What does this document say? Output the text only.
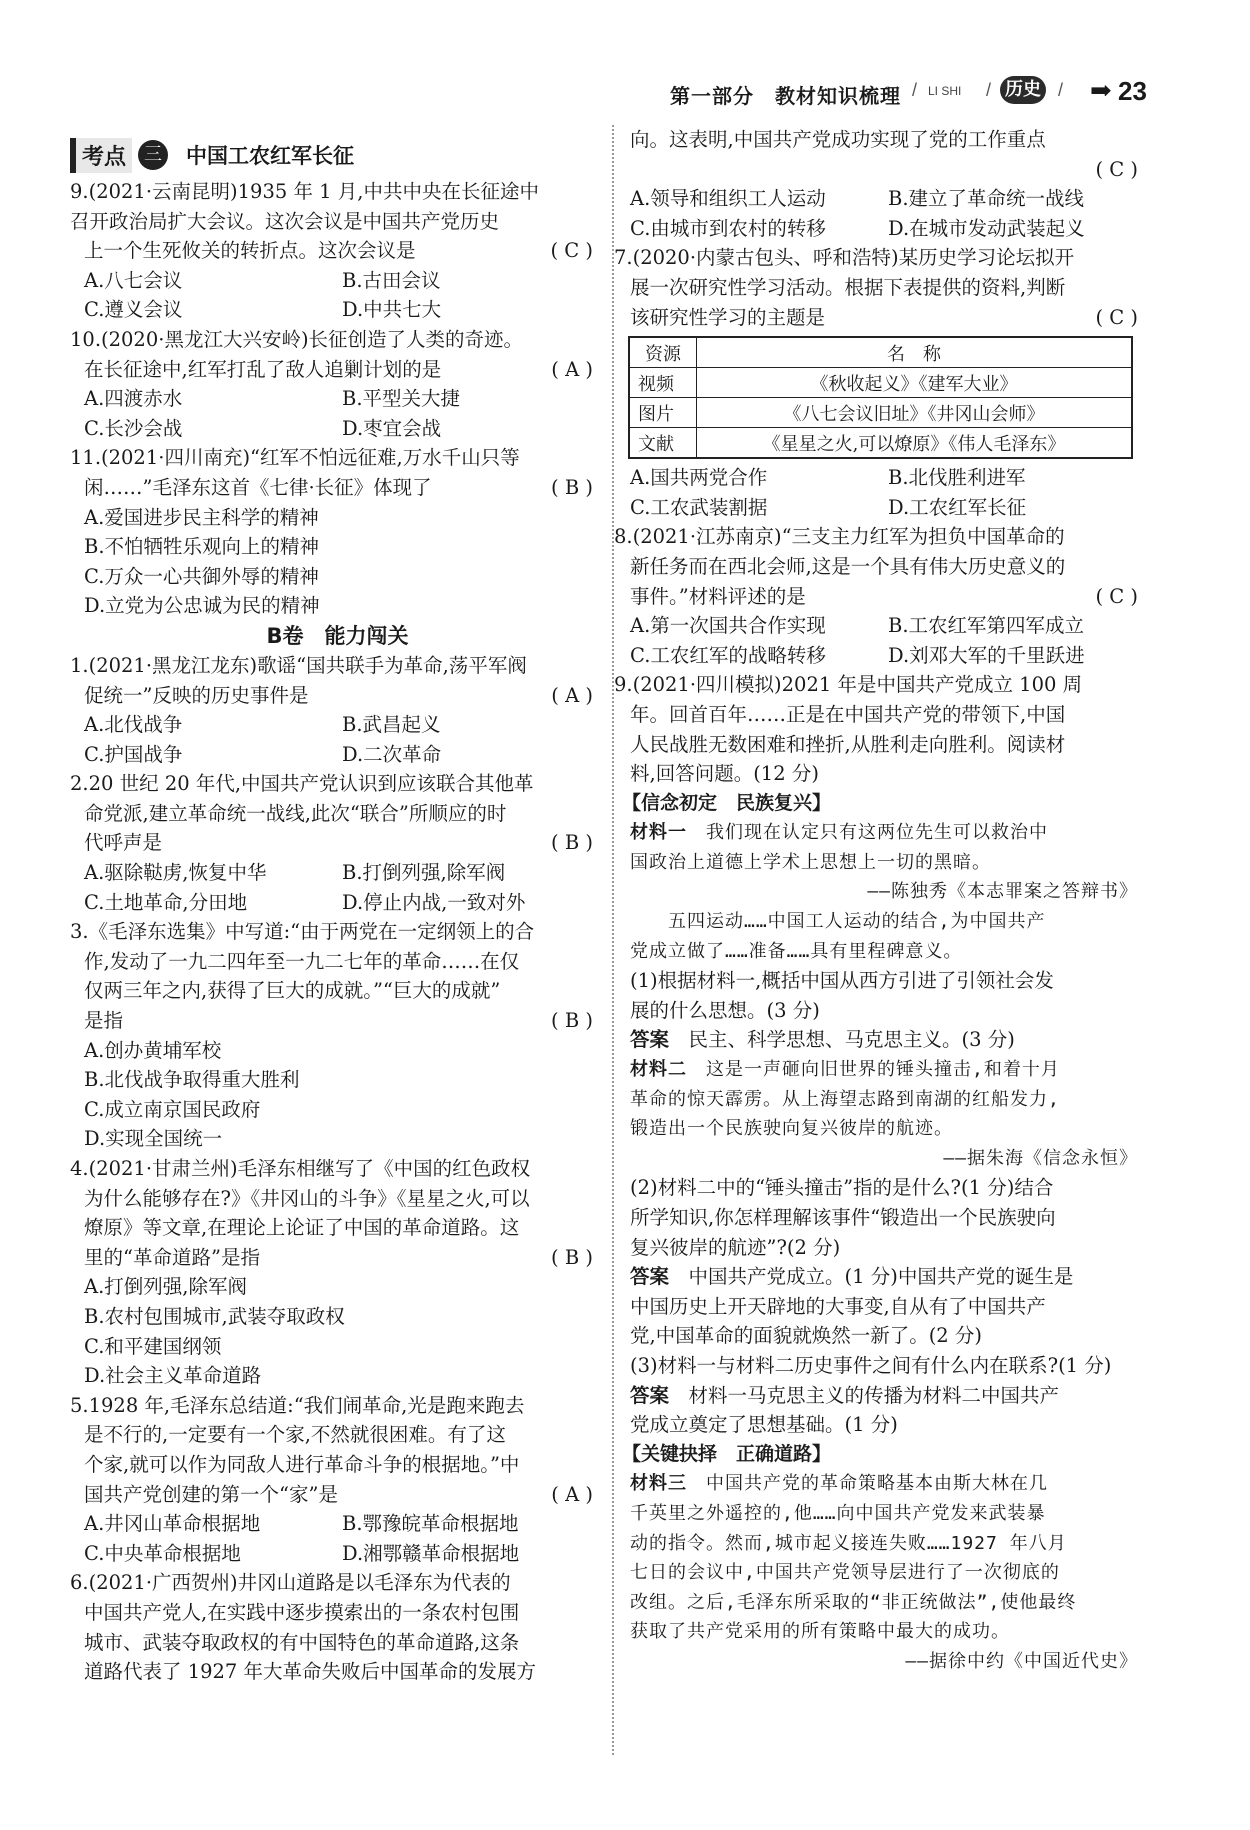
第一部分　教材知识梳理 / LI SHI / 历史 / ➡ 23
考点	三 中国工农红军长征
9.(2021·云南昆明)1935 年 1 月,中共中央在长征途中
召开政治局扩大会议。这次会议是中国共产党历史
上一个生死攸关的转折点。这次会议是	( C )
A.八七会议	B.古田会议
C.遵义会议	D.中共七大
10.(2020·黑龙江大兴安岭)长征创造了人类的奇迹。
在长征途中,红军打乱了敌人追剿计划的是	( A )
A.四渡赤水	B.平型关大捷
C.长沙会战	D.枣宜会战
11.(2021·四川南充)“红军不怕远征难,万水千山只等
闲……”毛泽东这首《七律·长征》体现了	( B )
A.爱国进步民主科学的精神
B.不怕牺牲乐观向上的精神
C.万众一心共御外辱的精神
D.立党为公忠诚为民的精神
B卷　能力闯关
1.(2021·黑龙江龙东)歌谣“国共联手为革命,荡平军阀
促统一”反映的历史事件是	( A )
A.北伐战争	B.武昌起义
C.护国战争	D.二次革命
2.20 世纪 20 年代,中国共产党认识到应该联合其他革
命党派,建立革命统一战线,此次“联合”所顺应的时
代呼声是	( B )
A.驱除鞑虏,恢复中华	B.打倒列强,除军阀
C.土地革命,分田地	D.停止内战,一致对外
3.《毛泽东选集》中写道:“由于两党在一定纲领上的合
作,发动了一九二四年至一九二七年的革命……在仅
仅两三年之内,获得了巨大的成就。”“巨大的成就”
是指	( B )
A.创办黄埔军校
B.北伐战争取得重大胜利
C.成立南京国民政府
D.实现全国统一
4.(2021·甘肃兰州)毛泽东相继写了《中国的红色政权
为什么能够存在?》《井冈山的斗争》《星星之火,可以
燎原》等文章,在理论上论证了中国的革命道路。这
里的“革命道路”是指	( B )
A.打倒列强,除军阀
B.农村包围城市,武装夺取政权
C.和平建国纲领
D.社会主义革命道路
5.1928 年,毛泽东总结道:“我们闹革命,光是跑来跑去
是不行的,一定要有一个家,不然就很困难。有了这
个家,就可以作为同敌人进行革命斗争的根据地。”中
国共产党创建的第一个“家”是	( A )
A.井冈山革命根据地	B.鄂豫皖革命根据地
C.中央革命根据地	D.湘鄂赣革命根据地
6.(2021·广西贺州)井冈山道路是以毛泽东为代表的
中国共产党人,在实践中逐步摸索出的一条农村包围
城市、武装夺取政权的有中国特色的革命道路,这条
道路代表了 1927 年大革命失败后中国革命的发展方
向。这表明,中国共产党成功实现了党的工作重点
( C )
A.领导和组织工人运动	B.建立了革命统一战线
C.由城市到农村的转移	D.在城市发动武装起义
7.(2020·内蒙古包头、呼和浩特)某历史学习论坛拟开
展一次研究性学习活动。根据下表提供的资料,判断
该研究性学习的主题是	( C )
资源	名　称
视频	《秋收起义》《建军大业》
图片	《八七会议旧址》《井冈山会师》
文献	《星星之火,可以燎原》《伟人毛泽东》
A.国共两党合作	B.北伐胜利进军
C.工农武装割据	D.工农红军长征
8.(2021·江苏南京)“三支主力红军为担负中国革命的
新任务而在西北会师,这是一个具有伟大历史意义的
事件。”材料评述的是	( C )
A.第一次国共合作实现	B.工农红军第四军成立
C.工农红军的战略转移	D.刘邓大军的千里跃进
9.(2021·四川模拟)2021 年是中国共产党成立 100 周
年。回首百年……正是在中国共产党的带领下,中国
人民战胜无数困难和挫折,从胜利走向胜利。阅读材
料,回答问题。(12 分)
【信念初定　民族复兴】
材料一　 我们现在认定只有这两位先生可以救治中
国政治上道德上学术上思想上一切的黑暗。
——陈独秀《本志罪案之答辩书》
五四运动……中国工人运动的结合,为中国共产
党成立做了……准备……具有里程碑意义。
(1)根据材料一,概括中国从西方引进了引领社会发
展的什么思想。(3 分)
答案　 民主、科学思想、马克思主义。(3 分)
材料二　 这是一声砸向旧世界的锤头撞击,和着十月
革命的惊天霹雳。从上海望志路到南湖的红船发力,
锻造出一个民族驶向复兴彼岸的航迹。
——据朱海《信念永恒》
(2)材料二中的“锤头撞击”指的是什么?(1 分)结合
所学知识,你怎样理解该事件“锻造出一个民族驶向
复兴彼岸的航迹”?(2 分)
答案　 中国共产党成立。(1 分)中国共产党的诞生是
中国历史上开天辟地的大事变,自从有了中国共产
党,中国革命的面貌就焕然一新了。(2 分)
(3)材料一与材料二历史事件之间有什么内在联系?(1 分)
答案　 材料一马克思主义的传播为材料二中国共产
党成立奠定了思想基础。(1 分)
【关键抉择　正确道路】
材料三　 中国共产党的革命策略基本由斯大林在几
千英里之外遥控的,他……向中国共产党发来武装暴
动的指令。然而,城市起义接连失败……1927 年八月
七日的会议中,中国共产党领导层进行了一次彻底的
改组。之后,毛泽东所采取的“非正统做法”,使他最终
获取了共产党采用的所有策略中最大的成功。
——据徐中约《中国近代史》
